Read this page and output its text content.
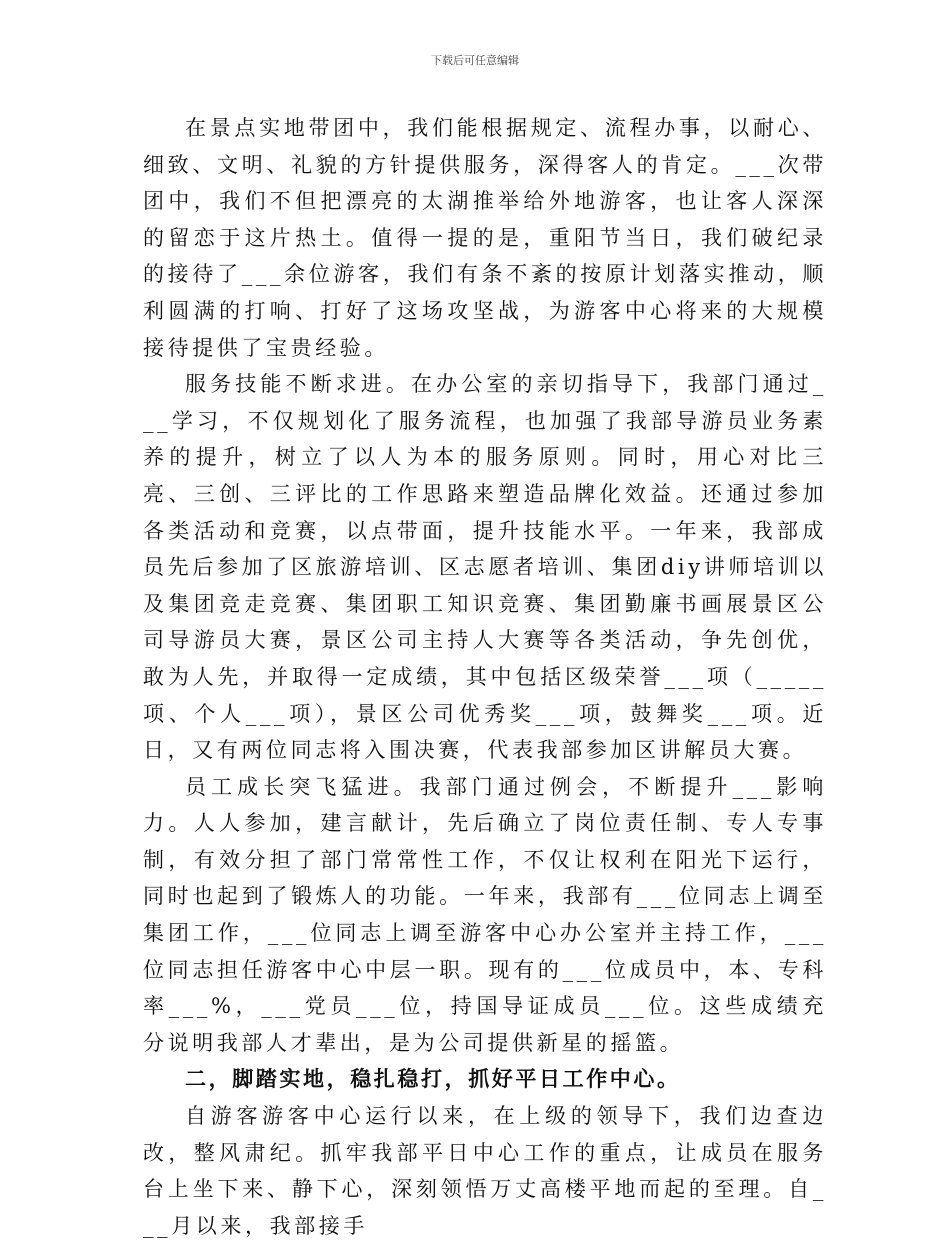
下载后可任意编辑

在景点实地带团中，我们能根据规定、流程办事，以耐心、细致、文明、礼貌的方针提供服务，深得客人的肯定。___次带团中，我们不但把漂亮的太湖推举给外地游客，也让客人深深的留恋于这片热土。值得一提的是，重阳节当日，我们破纪录的接待了___余位游客，我们有条不紊的按原计划落实推动，顺利圆满的打响、打好了这场攻坚战，为游客中心将来的大规模接待提供了宝贵经验。

服务技能不断求进。在办公室的亲切指导下，我部门通过___学习，不仅规划化了服务流程，也加强了我部导游员业务素养的提升，树立了以人为本的服务原则。同时，用心对比三亮、三创、三评比的工作思路来塑造品牌化效益。还通过参加各类活动和竞赛，以点带面，提升技能水平。一年来，我部成员先后参加了区旅游培训、区志愿者培训、集团diy讲师培训以及集团竞走竞赛、集团职工知识竞赛、集团勤廉书画展景区公司导游员大赛，景区公司主持人大赛等各类活动，争先创优，敢为人先，并取得一定成绩，其中包括区级荣誉___项（_____项、个人___项），景区公司优秀奖___项，鼓舞奖___项。近日，又有两位同志将入围决赛，代表我部参加区讲解员大赛。

员工成长突飞猛进。我部门通过例会，不断提升___影响力。人人参加，建言献计，先后确立了岗位责任制、专人专事制，有效分担了部门常常性工作，不仅让权利在阳光下运行，同时也起到了锻炼人的功能。一年来，我部有___位同志上调至集团工作，___位同志上调至游客中心办公室并主持工作，___位同志担任游客中心中层一职。现有的___位成员中，本、专科率___%，___党员___位，持国导证成员___位。这些成绩充分说明我部人才辈出，是为公司提供新星的摇篮。

二，脚踏实地，稳扎稳打，抓好平日工作中心。

自游客游客中心运行以来，在上级的领导下，我们边查边改，整风肃纪。抓牢我部平日中心工作的重点，让成员在服务台上坐下来、静下心，深刻领悟万丈高楼平地而起的至理。自___月以来，我部接手
